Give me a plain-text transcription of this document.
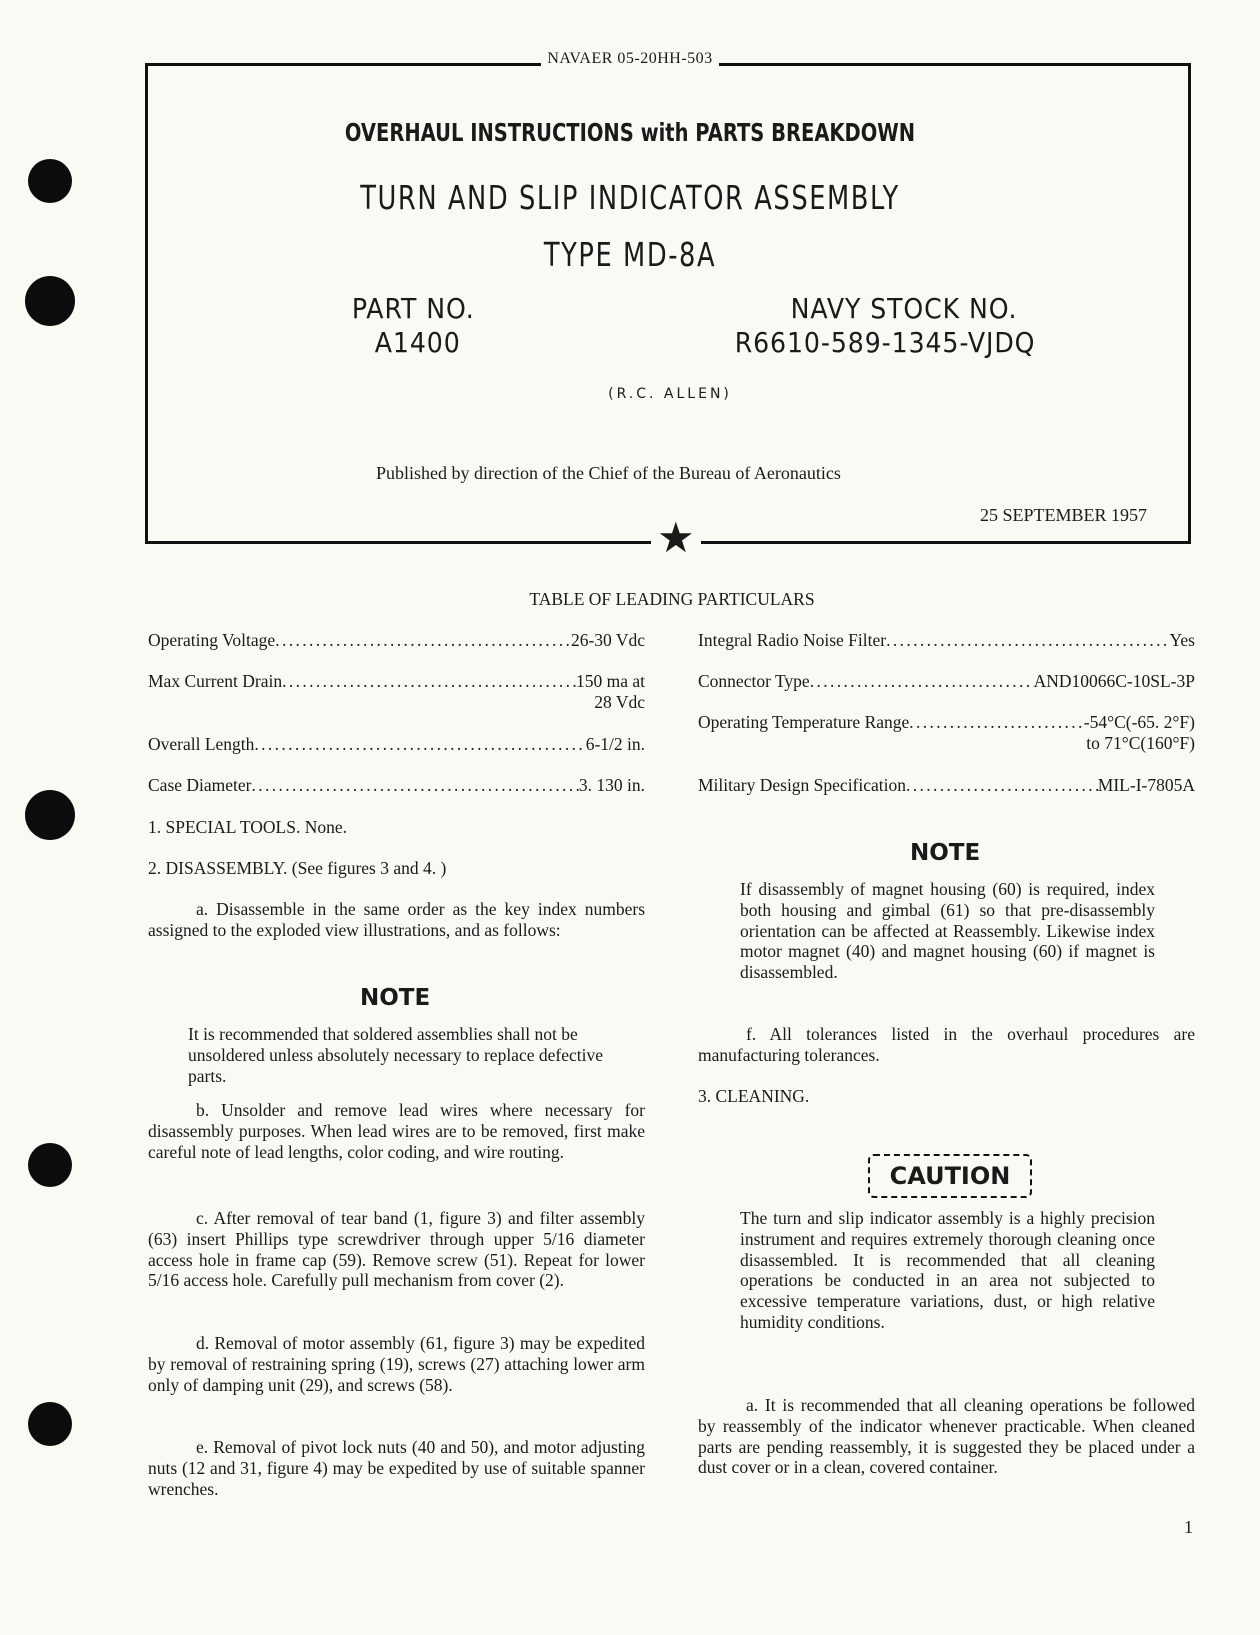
NAVAER 05-20HH-503
OVERHAUL INSTRUCTIONS with PARTS BREAKDOWN
TURN AND SLIP INDICATOR ASSEMBLY
TYPE MD-8A
PART NO.
A1400
NAVY STOCK NO.
R6610-589-1345-VJDQ
(R.C. ALLEN)
Published by direction of the Chief of the Bureau of Aeronautics
25 SEPTEMBER 1957
★
TABLE OF LEADING PARTICULARS
Operating Voltage . . .	26-30 Vdc
Max Current Drain . . .	150 ma at
28 Vdc
Overall Length . . .	6-1/2 in.
Case Diameter . . .	3. 130 in.
Integral Radio Noise Filter . . .	Yes
Connector Type . . .	AND10066C-10SL-3P
Operating Temperature Range . . .	-54°C(-65. 2°F)
to 71°C(160°F)
Military Design Specification . . .	MIL-I-7805A
1. SPECIAL TOOLS. None.
2. DISASSEMBLY. (See figures 3 and 4. )
a. Disassemble in the same order as the key index numbers assigned to the exploded view illustrations, and as follows:
NOTE
It is recommended that soldered assemblies shall not be unsoldered unless absolutely necessary to replace defective parts.
b. Unsolder and remove lead wires where necessary for disassembly purposes. When lead wires are to be removed, first make careful note of lead lengths, color coding, and wire routing.
c. After removal of tear band (1, figure 3) and filter assembly (63) insert Phillips type screwdriver through upper 5/16 diameter access hole in frame cap (59). Remove screw (51). Repeat for lower 5/16 access hole. Carefully pull mechanism from cover (2).
d. Removal of motor assembly (61, figure 3) may be expedited by removal of restraining spring (19), screws (27) attaching lower arm only of damping unit (29), and screws (58).
e. Removal of pivot lock nuts (40 and 50), and motor adjusting nuts (12 and 31, figure 4) may be expedited by use of suitable spanner wrenches.
NOTE
If disassembly of magnet housing (60) is required, index both housing and gimbal (61) so that pre-disassembly orientation can be affected at Reassembly. Likewise index motor magnet (40) and magnet housing (60) if magnet is disassembled.
f. All tolerances listed in the overhaul procedures are manufacturing tolerances.
3. CLEANING.
CAUTION
The turn and slip indicator assembly is a highly precision instrument and requires extremely thorough cleaning once disassembled. It is recommended that all cleaning operations be conducted in an area not subjected to excessive temperature variations, dust, or high relative humidity conditions.
a. It is recommended that all cleaning operations be followed by reassembly of the indicator whenever practicable. When cleaned parts are pending reassembly, it is suggested they be placed under a dust cover or in a clean, covered container.
1
